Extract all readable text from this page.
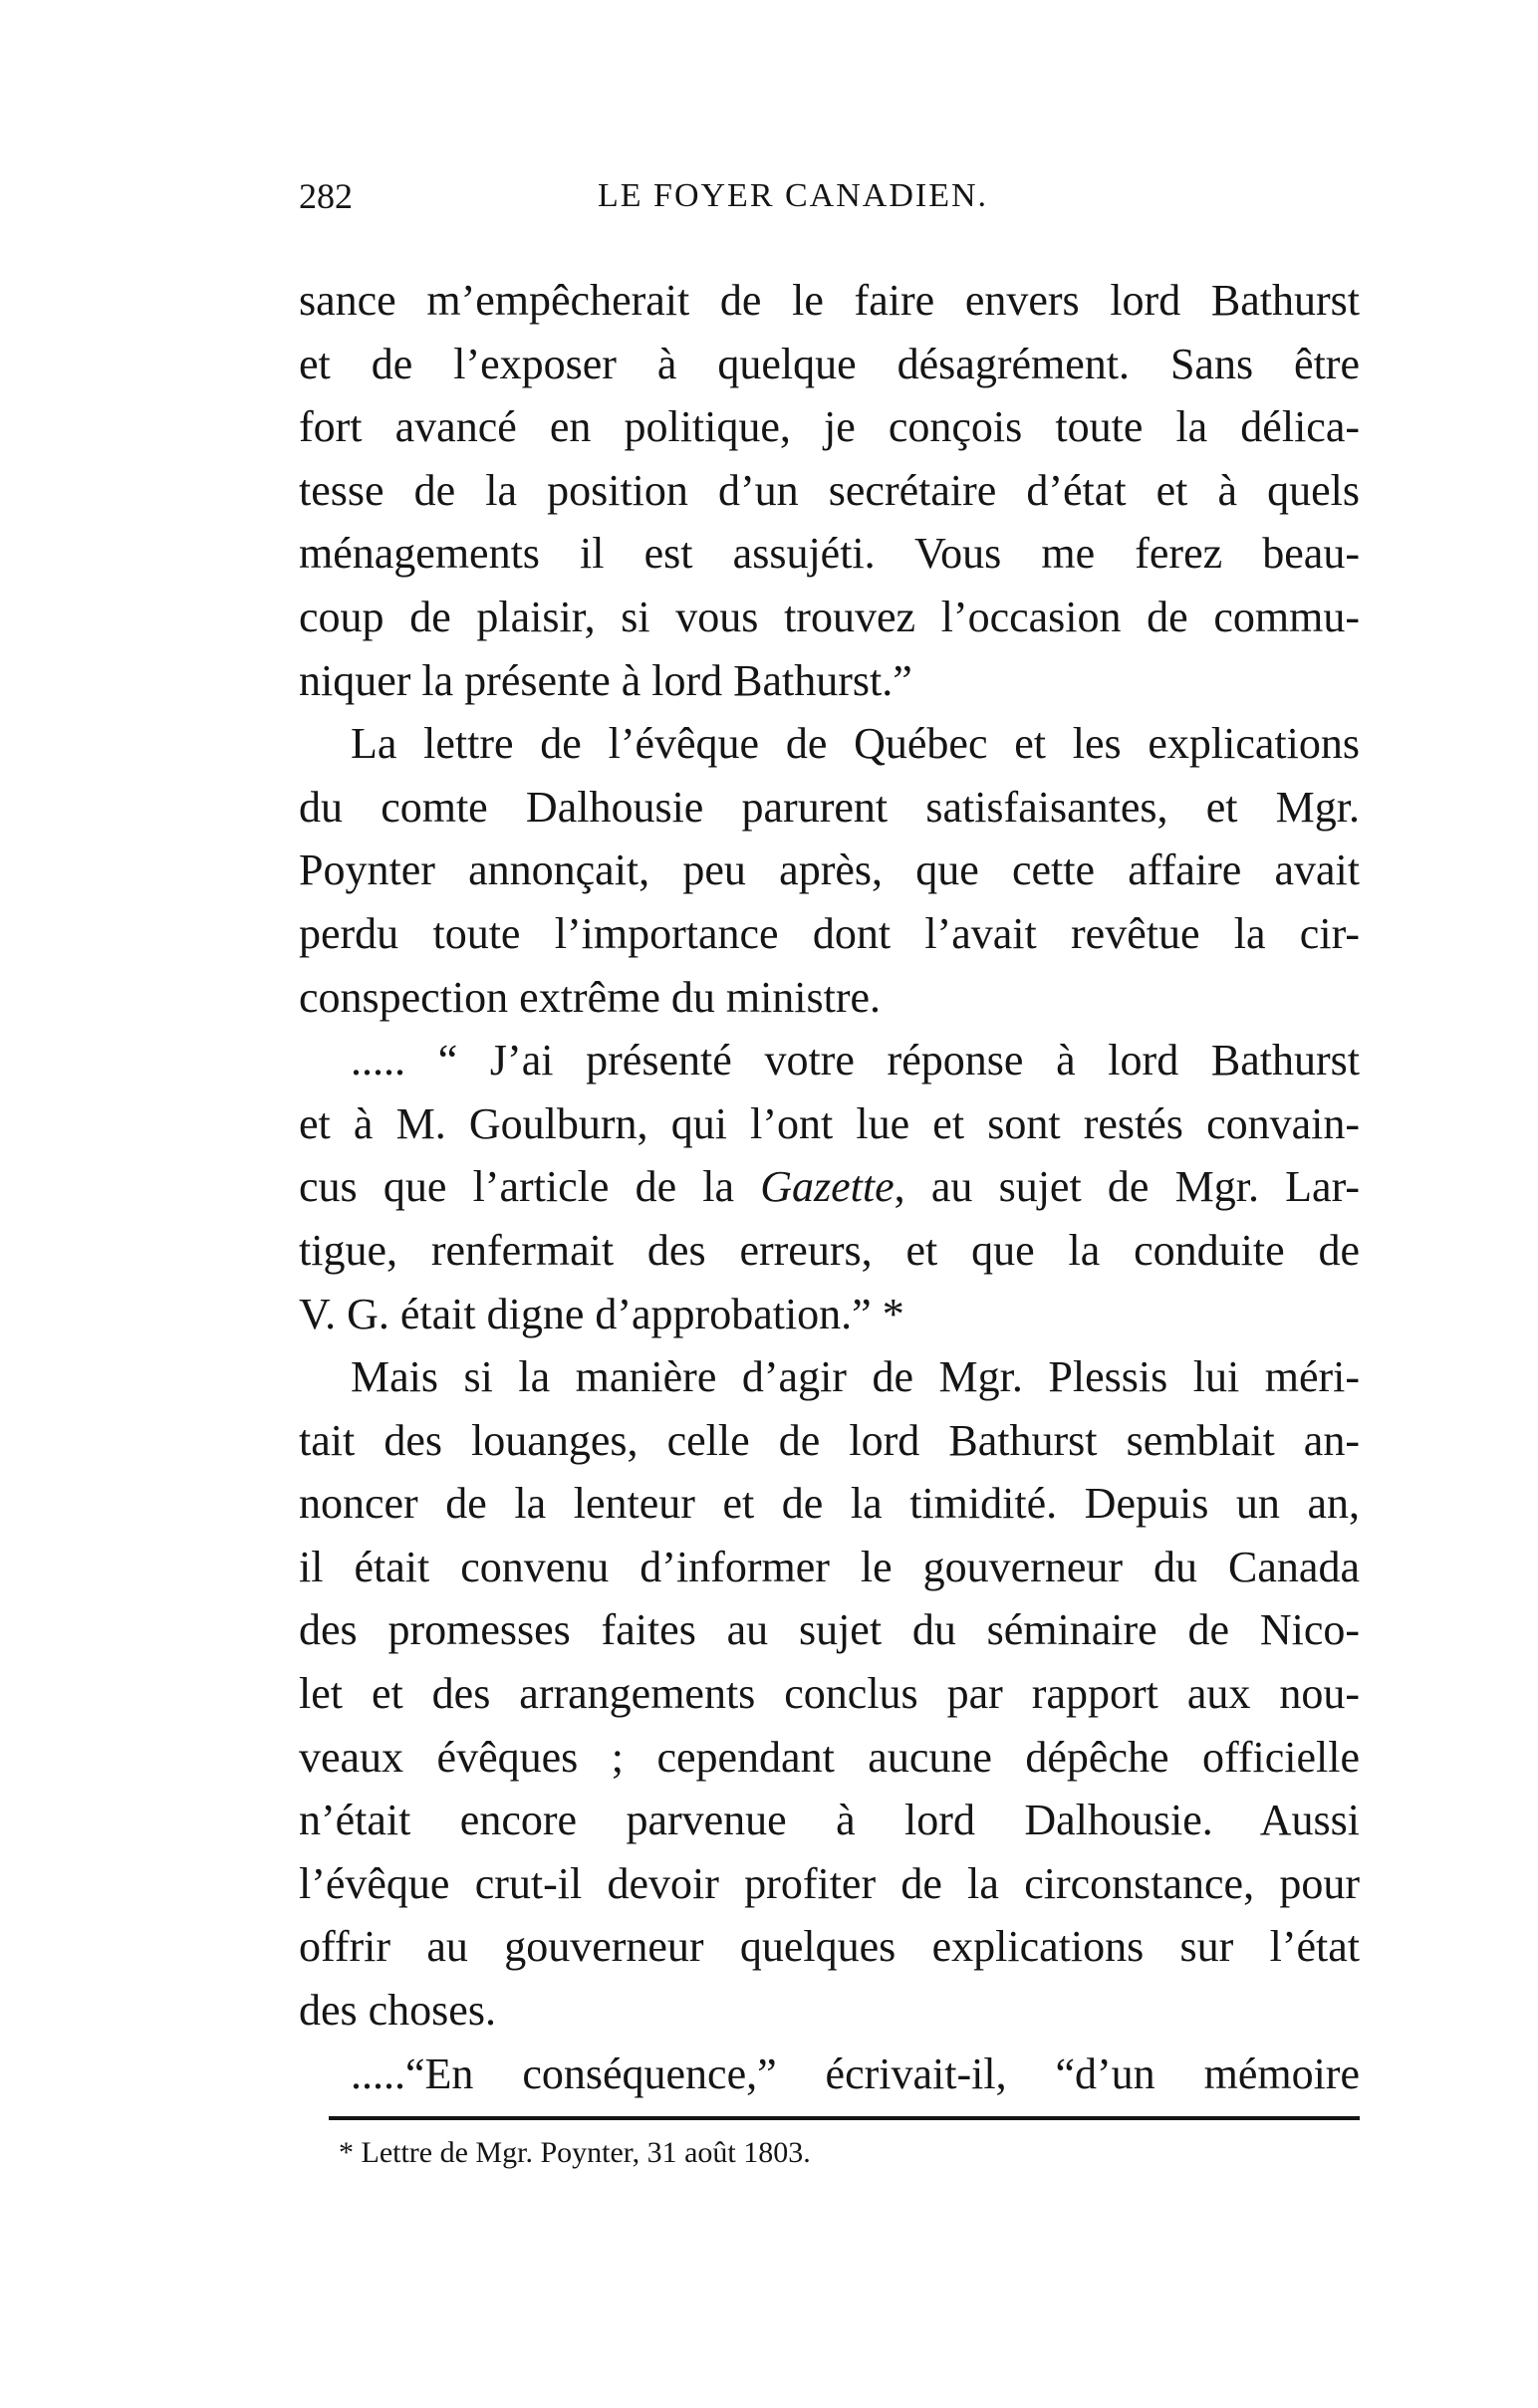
282	LE FOYER CANADIEN.
sance m’empêcherait de le faire envers lord Bathurst
et de l’exposer à quelque désagrément. Sans être
fort avancé en politique, je conçois toute la délica-
tesse de la position d’un secrétaire d’état et à quels
ménagements il est assujéti. Vous me ferez beau-
coup de plaisir, si vous trouvez l’occasion de commu-
niquer la présente à lord Bathurst.”
La lettre de l’évêque de Québec et les explications
du comte Dalhousie parurent satisfaisantes, et Mgr.
Poynter annonçait, peu après, que cette affaire avait
perdu toute l’importance dont l’avait revêtue la cir-
conspection extrême du ministre.
..... “ J’ai présenté votre réponse à lord Bathurst
et à M. Goulburn, qui l’ont lue et sont restés convain-
cus que l’article de la Gazette, au sujet de Mgr. Lar-
tigue, renfermait des erreurs, et que la conduite de
V. G. était digne d’approbation.” *
Mais si la manière d’agir de Mgr. Plessis lui méri-
tait des louanges, celle de lord Bathurst semblait an-
noncer de la lenteur et de la timidité. Depuis un an,
il était convenu d’informer le gouverneur du Canada
des promesses faites au sujet du séminaire de Nico-
let et des arrangements conclus par rapport aux nou-
veaux évêques ; cependant aucune dépêche officielle
n’était encore parvenue à lord Dalhousie. Aussi
l’évêque crut-il devoir profiter de la circonstance, pour
offrir au gouverneur quelques explications sur l’état
des choses.
.....“En conséquence,” écrivait-il, “d’un mémoire
* Lettre de Mgr. Poynter, 31 août 1803.
